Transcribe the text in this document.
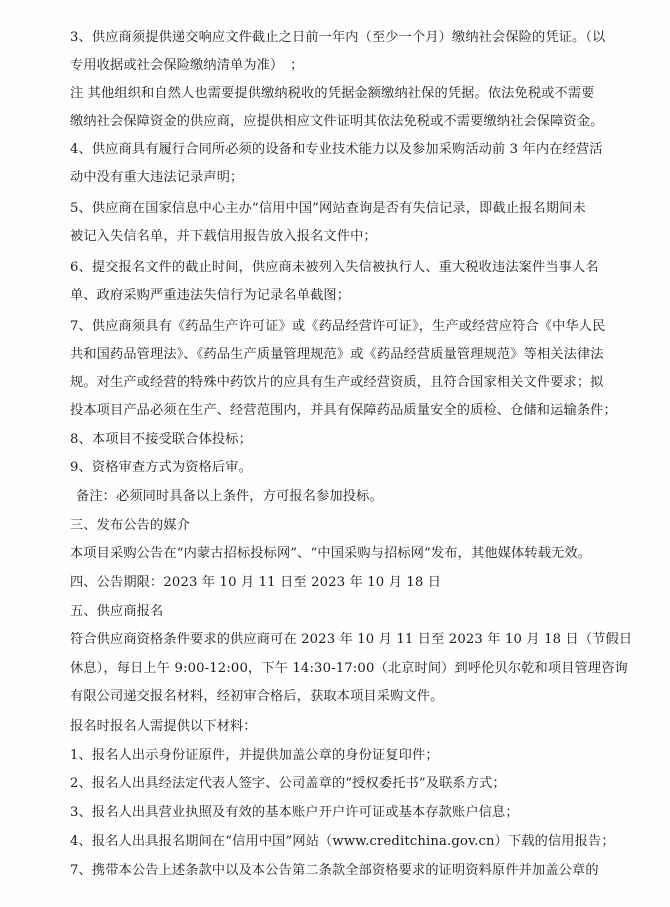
3、供应商须提供递交响应文件截止之日前一年内（至少一个月）缴纳社会保险的凭证。（以
专用收据或社会保险缴纳清单为准）　；
注 其他组织和自然人也需要提供缴纳税收的凭据金额缴纳社保的凭据。依法免税或不需要
缴纳社会保障资金的供应商，应提供相应文件证明其依法免税或不需要缴纳社会保障资金。
4、供应商具有履行合同所必须的设备和专业技术能力以及参加采购活动前 3 年内在经营活
动中没有重大违法记录声明；
5、供应商在国家信息中心主办“信用中国”网站查询是否有失信记录，即截止报名期间未
被记入失信名单，并下载信用报告放入报名文件中；
6、提交报名文件的截止时间，供应商未被列入失信被执行人、重大税收违法案件当事人名
单、政府采购严重违法失信行为记录名单截图；
7、供应商须具有《药品生产许可证》或《药品经营许可证》，生产或经营应符合《中华人民
共和国药品管理法》、《药品生产质量管理规范》或《药品经营质量管理规范》等相关法律法
规。对生产或经营的特殊中药饮片的应具有生产或经营资质，且符合国家相关文件要求；拟
投本项目产品必须在生产、经营范围内，并具有保障药品质量安全的质检、仓储和运输条件；
8、本项目不接受联合体投标；
9、资格审查方式为资格后审。
备注：必须同时具备以上条件，方可报名参加投标。
三、发布公告的媒介
本项目采购公告在“内蒙古招标投标网”、“中国采购与招标网”发布，其他媒体转载无效。
四、公告期限：2023 年 10 月 11 日至 2023 年 10 月 18 日
五、供应商报名
符合供应商资格条件要求的供应商可在 2023 年 10 月 11 日至 2023 年 10 月 18 日（节假日
休息），每日上午 9:00-12:00，下午 14:30-17:00（北京时间）到呼伦贝尔乾和项目管理咨询
有限公司递交报名材料，经初审合格后，获取本项目采购文件。
报名时报名人需提供以下材料：
1、报名人出示身份证原件，并提供加盖公章的身份证复印件；
2、报名人出具经法定代表人签字、公司盖章的“授权委托书”及联系方式；
3、报名人出具营业执照及有效的基本账户开户许可证或基本存款账户信息；
4、报名人出具报名期间在“信用中国”网站（www.creditchina.gov.cn）下载的信用报告；
7、携带本公告上述条款中以及本公告第二条款全部资格要求的证明资料原件并加盖公章的
